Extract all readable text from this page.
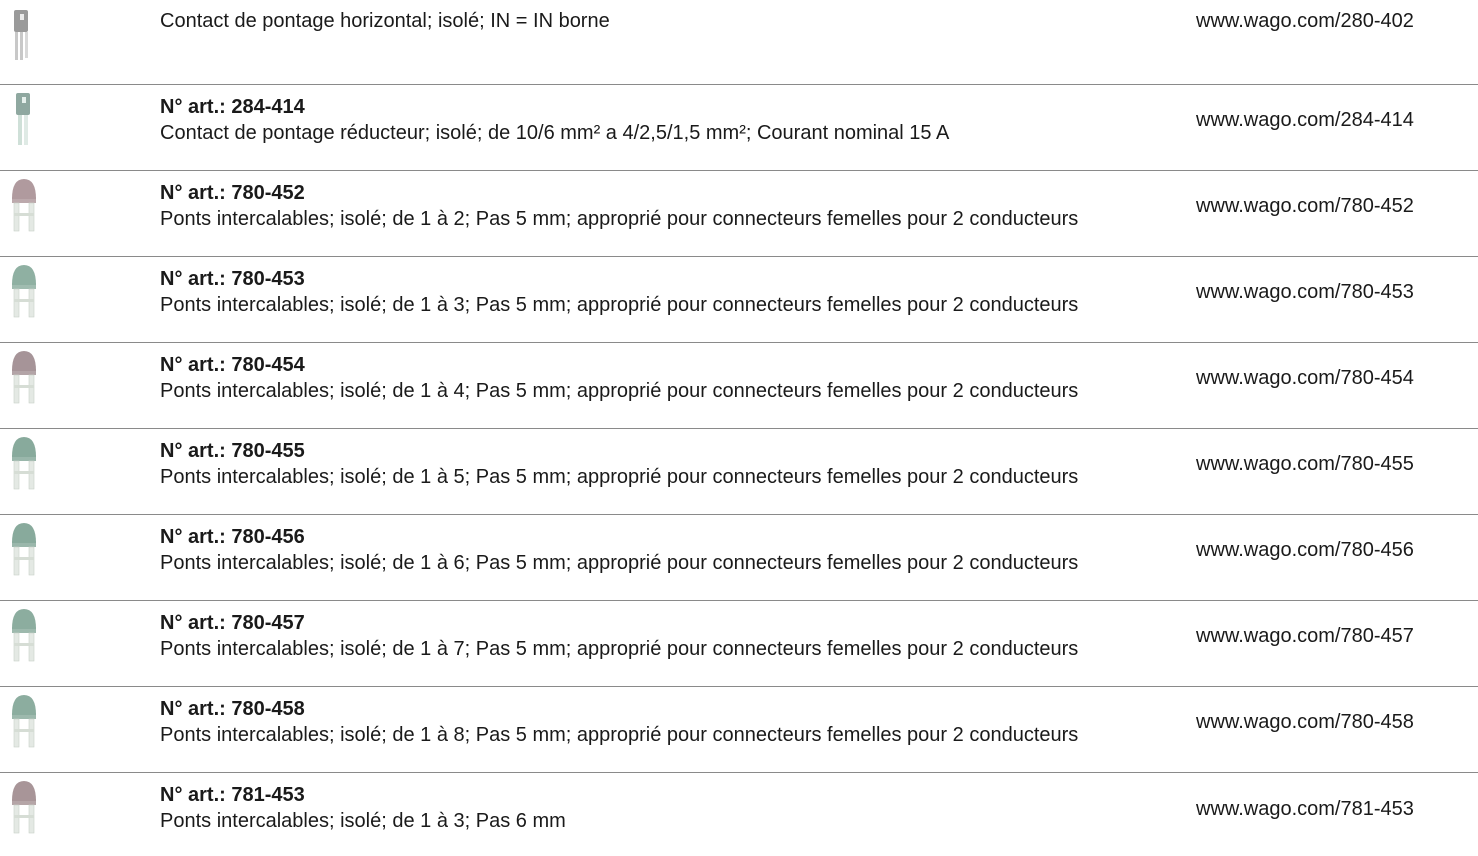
Contact de pontage horizontal; isolé; IN = IN borne	www.wago.com/280-402
N° art.: 284-414
Contact de pontage réducteur; isolé; de 10/6 mm² a 4/2,5/1,5 mm²; Courant nominal 15 A
www.wago.com/284-414
N° art.: 780-452
Ponts intercalables; isolé; de 1 à 2; Pas 5 mm; approprié pour connecteurs femelles pour 2 conducteurs
www.wago.com/780-452
N° art.: 780-453
Ponts intercalables; isolé; de 1 à 3; Pas 5 mm; approprié pour connecteurs femelles pour 2 conducteurs
www.wago.com/780-453
N° art.: 780-454
Ponts intercalables; isolé; de 1 à 4; Pas 5 mm; approprié pour connecteurs femelles pour 2 conducteurs
www.wago.com/780-454
N° art.: 780-455
Ponts intercalables; isolé; de 1 à 5; Pas 5 mm; approprié pour connecteurs femelles pour 2 conducteurs
www.wago.com/780-455
N° art.: 780-456
Ponts intercalables; isolé; de 1 à 6; Pas 5 mm; approprié pour connecteurs femelles pour 2 conducteurs
www.wago.com/780-456
N° art.: 780-457
Ponts intercalables; isolé; de 1 à 7; Pas 5 mm; approprié pour connecteurs femelles pour 2 conducteurs
www.wago.com/780-457
N° art.: 780-458
Ponts intercalables; isolé; de 1 à 8; Pas 5 mm; approprié pour connecteurs femelles pour 2 conducteurs
www.wago.com/780-458
N° art.: 781-453
Ponts intercalables; isolé; de 1 à 3; Pas 6 mm
www.wago.com/781-453
